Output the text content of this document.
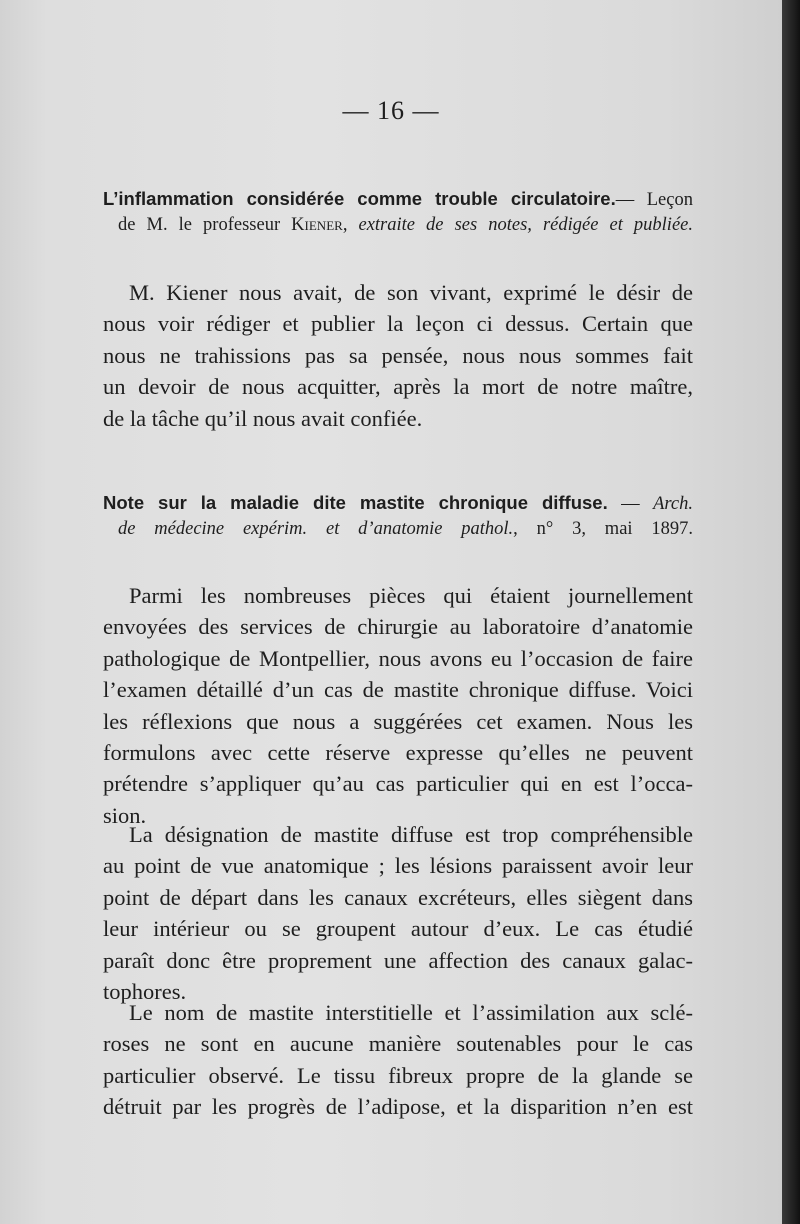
— 16 —
L’inflammation considérée comme trouble circulatoire.— Leçon
de M. le professeur Kiener, extraite de ses notes, rédigée et publiée.
M. Kiener nous avait, de son vivant, exprimé le désir de
nous voir rédiger et publier la leçon ci dessus. Certain que
nous ne trahissions pas sa pensée, nous nous sommes fait
un devoir de nous acquitter, après la mort de notre maître,
de la tâche qu’il nous avait confiée.
Note sur la maladie dite mastite chronique diffuse. — Arch.
de médecine expérim. et d’anatomie pathol., n° 3, mai 1897.
Parmi les nombreuses pièces qui étaient journellement
envoyées des services de chirurgie au laboratoire d’anatomie
pathologique de Montpellier, nous avons eu l’occasion de faire
l’examen détaillé d’un cas de mastite chronique diffuse. Voici
les réflexions que nous a suggérées cet examen. Nous les
formulons avec cette réserve expresse qu’elles ne peuvent
prétendre s’appliquer qu’au cas particulier qui en est l’occa-
sion.
La désignation de mastite diffuse est trop compréhensible
au point de vue anatomique ; les lésions paraissent avoir leur
point de départ dans les canaux excréteurs, elles siègent dans
leur intérieur ou se groupent autour d’eux. Le cas étudié
paraît donc être proprement une affection des canaux galac-
tophores.
Le nom de mastite interstitielle et l’assimilation aux sclé-
roses ne sont en aucune manière soutenables pour le cas
particulier observé. Le tissu fibreux propre de la glande se
détruit par les progrès de l’adipose, et la disparition n’en est
